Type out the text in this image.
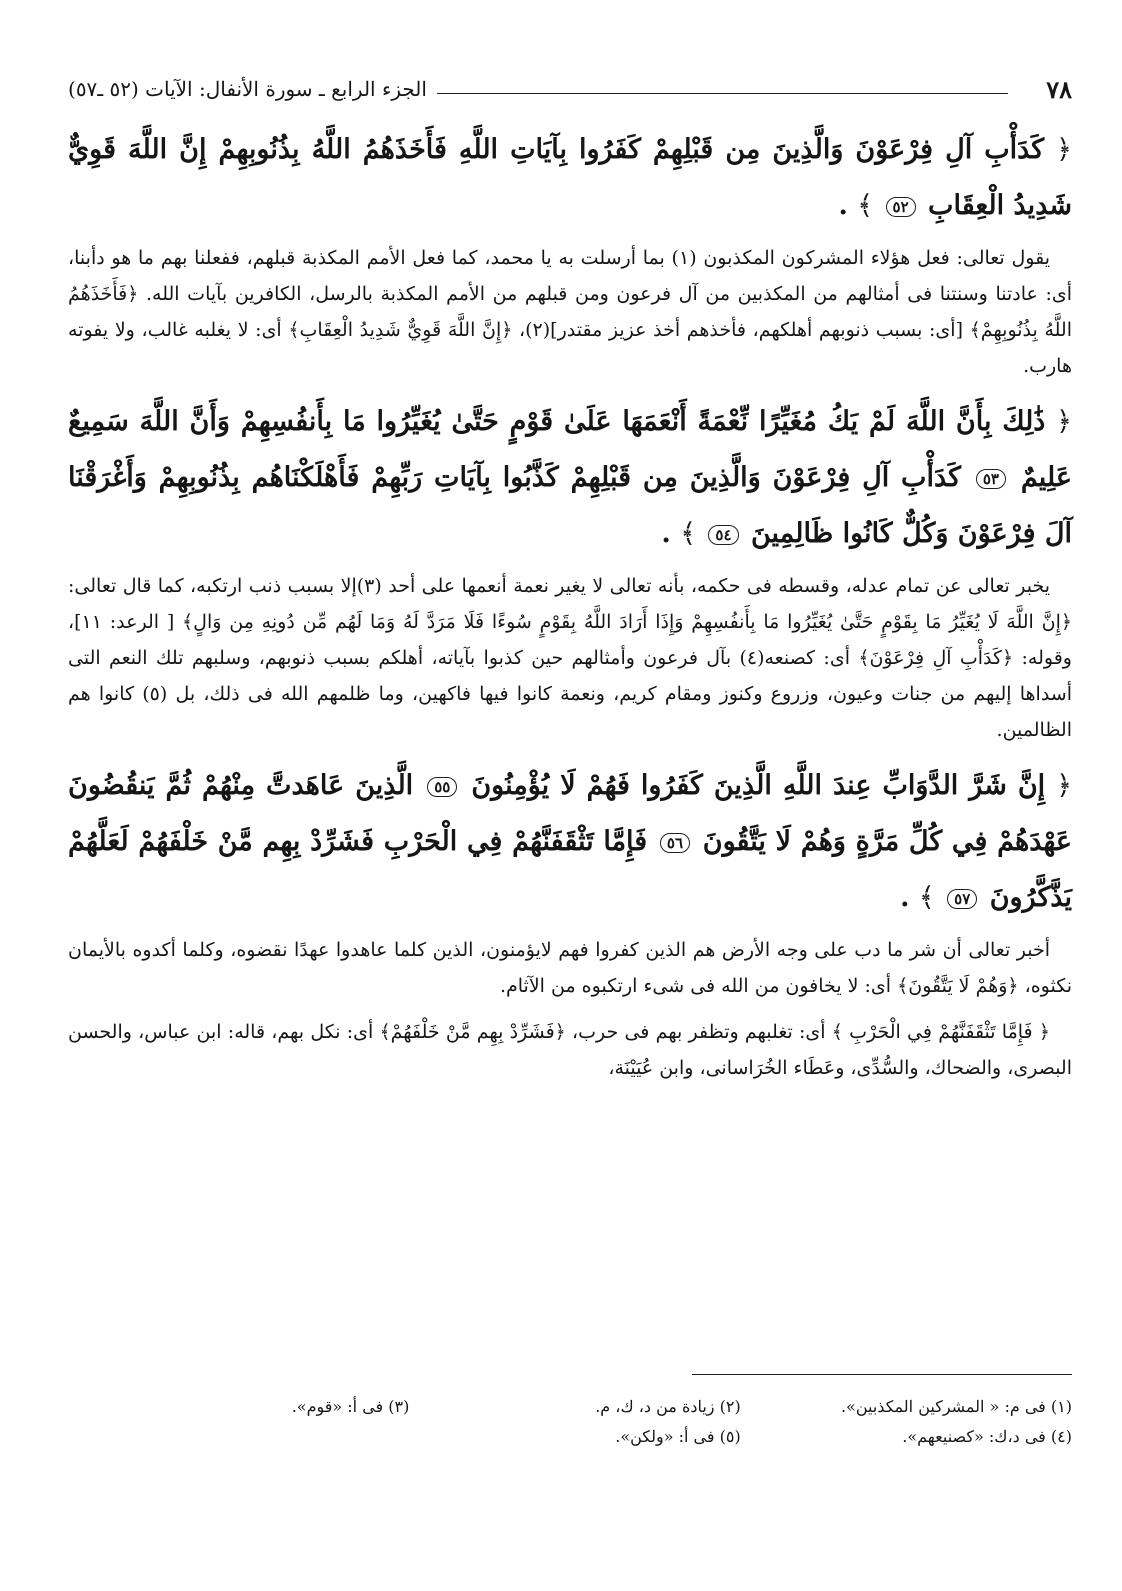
٧٨
الجزء الرابع ـ سورة الأنفال: الآيات (٥٢ ـ٥٧)
﴿ كَدَأْبِ آلِ فِرْعَوْنَ وَالَّذِينَ مِن قَبْلِهِمْ كَفَرُوا بِآيَاتِ اللَّهِ فَأَخَذَهُمُ اللَّهُ بِذُنُوبِهِمْ إِنَّ اللَّهَ قَوِيٌّ شَدِيدُ الْعِقَابِ ٥٢ ﴾ .

يقول تعالى: فعل هؤلاء المشركون المكذبون (١) بما أرسلت به يا محمد، كما فعل الأمم المكذبة قبلهم، ففعلنا بهم ما هو دأبنا، أى: عادتنا وسنتنا فى أمثالهم من المكذبين من آل فرعون ومن قبلهم من الأمم المكذبة بالرسل، الكافرين بآيات الله. ﴿فَأَخَذَهُمُ اللَّهُ بِذُنُوبِهِمْ﴾ [أى: بسبب ذنوبهم أهلكهم، فأخذهم أخذ عزيز مقتدر](٢)، ﴿إِنَّ اللَّهَ قَوِيٌّ شَدِيدُ الْعِقَابِ﴾ أى: لا يغلبه غالب، ولا يفوته هارب.

﴿ ذَٰلِكَ بِأَنَّ اللَّهَ لَمْ يَكُ مُغَيِّرًا نِّعْمَةً أَنْعَمَهَا عَلَىٰ قَوْمٍ حَتَّىٰ يُغَيِّرُوا مَا بِأَنفُسِهِمْ وَأَنَّ اللَّهَ سَمِيعٌ عَلِيمٌ ٥٣ كَدَأْبِ آلِ فِرْعَوْنَ وَالَّذِينَ مِن قَبْلِهِمْ كَذَّبُوا بِآيَاتِ رَبِّهِمْ فَأَهْلَكْنَاهُم بِذُنُوبِهِمْ وَأَغْرَقْنَا آلَ فِرْعَوْنَ وَكُلٌّ كَانُوا ظَالِمِينَ ٥٤ ﴾ .

يخبر تعالى عن تمام عدله، وقسطه فى حكمه، بأنه تعالى لا يغير نعمة أنعمها على أحد (٣)إلا بسبب ذنب ارتكبه، كما قال تعالى: ﴿إِنَّ اللَّهَ لَا يُغَيِّرُ مَا بِقَوْمٍ حَتَّىٰ يُغَيِّرُوا مَا بِأَنفُسِهِمْ وَإِذَا أَرَادَ اللَّهُ بِقَوْمٍ سُوءًا فَلَا مَرَدَّ لَهُ وَمَا لَهُم مِّن دُونِهِ مِن وَالٍ﴾ [ الرعد: ١١]، وقوله: ﴿كَدَأْبِ آلِ فِرْعَوْنَ﴾ أى: كصنعه(٤) بآل فرعون وأمثالهم حين كذبوا بآياته، أهلكم بسبب ذنوبهم، وسلبهم تلك النعم التى أسداها إليهم من جنات وعيون، وزروع وكنوز ومقام كريم، ونعمة كانوا فيها فاكهين، وما ظلمهم الله فى ذلك، بل (٥) كانوا هم الظالمين.

﴿ إِنَّ شَرَّ الدَّوَابِّ عِندَ اللَّهِ الَّذِينَ كَفَرُوا فَهُمْ لَا يُؤْمِنُونَ ٥٥ الَّذِينَ عَاهَدتَّ مِنْهُمْ ثُمَّ يَنقُضُونَ عَهْدَهُمْ فِي كُلِّ مَرَّةٍ وَهُمْ لَا يَتَّقُونَ ٥٦ فَإِمَّا تَثْقَفَنَّهُمْ فِي الْحَرْبِ فَشَرِّدْ بِهِم مَّنْ خَلْفَهُمْ لَعَلَّهُمْ يَذَّكَّرُونَ ٥٧ ﴾ .

أخبر تعالى أن شر ما دب على وجه الأرض هم الذين كفروا فهم لايؤمنون، الذين كلما عاهدوا عهدًا نقضوه، وكلما أكدوه بالأيمان نكثوه، ﴿وَهُمْ لَا يَتَّقُونَ﴾ أى: لا يخافون من الله فى شىء ارتكبوه من الآثام.

﴿ فَإِمَّا تَثْقَفَنَّهُمْ فِي الْحَرْبِ ﴾ أى: تغلبهم وتظفر بهم فى حرب، ﴿فَشَرِّدْ بِهِم مَّنْ خَلْفَهُمْ﴾ أى: نكل بهم، قاله: ابن عباس، والحسن البصرى، والضحاك، والسُّدِّى، وعَطَاء الخُرَاسانى، وابن عُيَيْنَة،

(١) فى م: « المشركين المكذبين».
(٢) زيادة من د، ك، م.
(٣) فى أ: «قوم».
(٤) فى د،ك: «كصنيعهم».
(٥) فى أ: «ولكن».
